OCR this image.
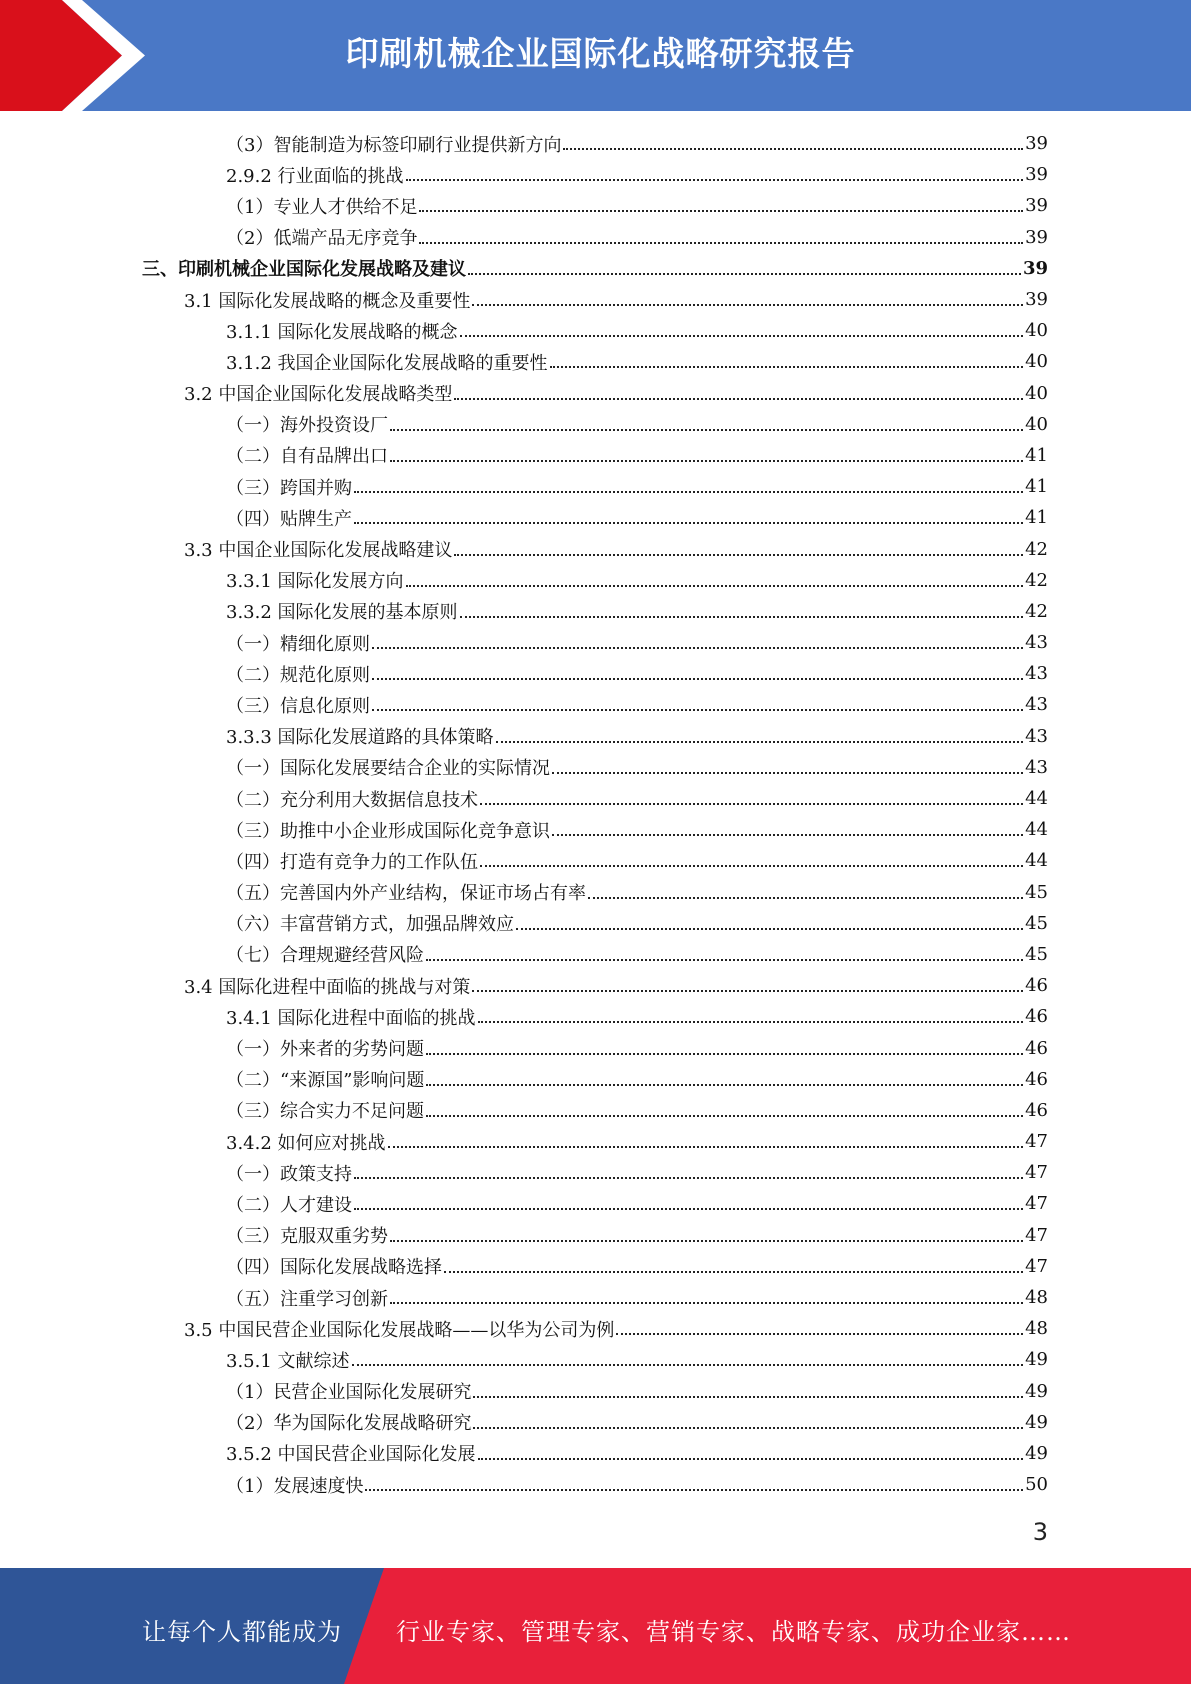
印刷机械企业国际化战略研究报告
（3）智能制造为标签印刷行业提供新方向	39
2.9.2 行业面临的挑战	39
（1）专业人才供给不足	39
（2）低端产品无序竞争	39
三、印刷机械企业国际化发展战略及建议	39
3.1 国际化发展战略的概念及重要性	39
3.1.1 国际化发展战略的概念	40
3.1.2 我国企业国际化发展战略的重要性	40
3.2 中国企业国际化发展战略类型	40
（一）海外投资设厂	40
（二）自有品牌出口	41
（三）跨国并购	41
（四）贴牌生产	41
3.3 中国企业国际化发展战略建议	42
3.3.1 国际化发展方向	42
3.3.2 国际化发展的基本原则	42
（一）精细化原则	43
（二）规范化原则	43
（三）信息化原则	43
3.3.3 国际化发展道路的具体策略	43
（一）国际化发展要结合企业的实际情况	43
（二）充分利用大数据信息技术	44
（三）助推中小企业形成国际化竞争意识	44
（四）打造有竞争力的工作队伍	44
（五）完善国内外产业结构，保证市场占有率	45
（六）丰富营销方式，加强品牌效应	45
（七）合理规避经营风险	45
3.4 国际化进程中面临的挑战与对策	46
3.4.1 国际化进程中面临的挑战	46
（一）外来者的劣势问题	46
（二）“来源国”影响问题	46
（三）综合实力不足问题	46
3.4.2 如何应对挑战	47
（一）政策支持	47
（二）人才建设	47
（三）克服双重劣势	47
（四）国际化发展战略选择	47
（五）注重学习创新	48
3.5 中国民营企业国际化发展战略——以华为公司为例	48
3.5.1 文献综述	49
（1）民营企业国际化发展研究	49
（2）华为国际化发展战略研究	49
3.5.2 中国民营企业国际化发展	49
（1）发展速度快	50
3
让每个人都能成为 行业专家、管理专家、营销专家、战略专家、成功企业家……
